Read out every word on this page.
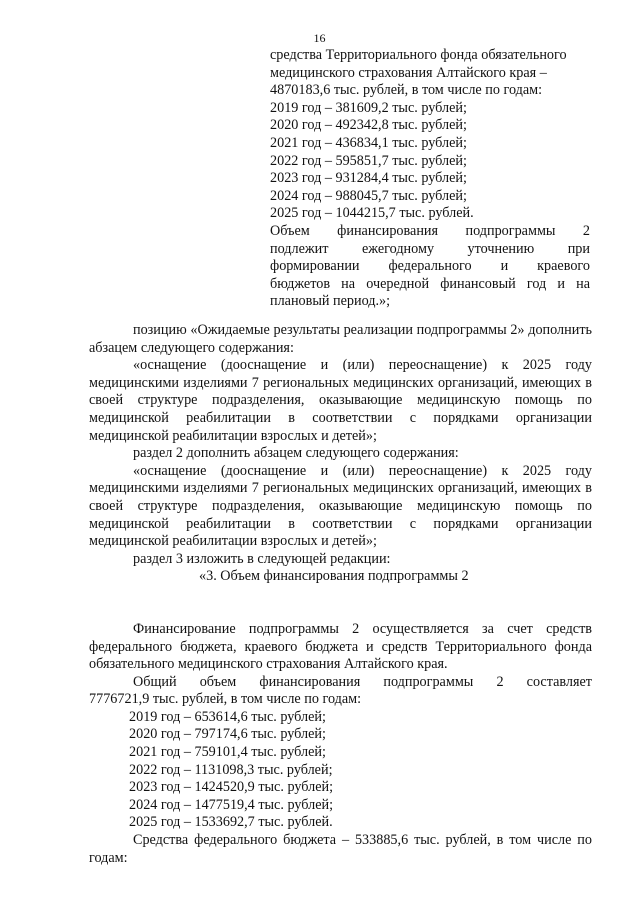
16
средства Территориального фонда обязательного
медицинского страхования Алтайского края –
4870183,6 тыс. рублей, в том числе по годам:
2019 год – 381609,2 тыс. рублей;
2020 год – 492342,8 тыс. рублей;
2021 год – 436834,1 тыс. рублей;
2022 год – 595851,7 тыс. рублей;
2023 год – 931284,4 тыс. рублей;
2024 год – 988045,7 тыс. рублей;
2025 год – 1044215,7 тыс. рублей.
Объем финансирования подпрограммы 2
подлежит ежегодному уточнению при
формировании федерального и краевого
бюджетов на очередной финансовый год и на
плановый период.»;

позицию «Ожидаемые результаты реализации подпрограммы 2» дополнить абзацем следующего содержания:

«оснащение (дооснащение и (или) переоснащение) к 2025 году медицинскими изделиями 7 региональных медицинских организаций, имеющих в своей структуре подразделения, оказывающие медицинскую помощь по медицинской реабилитации в соответствии с порядками организации медицинской реабилитации взрослых и детей»;

раздел 2 дополнить абзацем следующего содержания:

«оснащение (дооснащение и (или) переоснащение) к 2025 году медицинскими изделиями 7 региональных медицинских организаций, имеющих в своей структуре подразделения, оказывающие медицинскую помощь по медицинской реабилитации в соответствии с порядками организации медицинской реабилитации взрослых и детей»;

раздел 3 изложить в следующей редакции:

«3. Объем финансирования подпрограммы 2

Финансирование подпрограммы 2 осуществляется за счет средств федерального бюджета, краевого бюджета и средств Территориального фонда обязательного медицинского страхования Алтайского края.

Общий объем финансирования подпрограммы 2 составляет

7776721,9 тыс. рублей, в том числе по годам:

2019 год – 653614,6 тыс. рублей;
2020 год – 797174,6 тыс. рублей;
2021 год – 759101,4 тыс. рублей;
2022 год – 1131098,3 тыс. рублей;
2023 год – 1424520,9 тыс. рублей;
2024 год – 1477519,4 тыс. рублей;
2025 год – 1533692,7 тыс. рублей.

Средства федерального бюджета – 533885,6 тыс. рублей, в том числе по годам:
